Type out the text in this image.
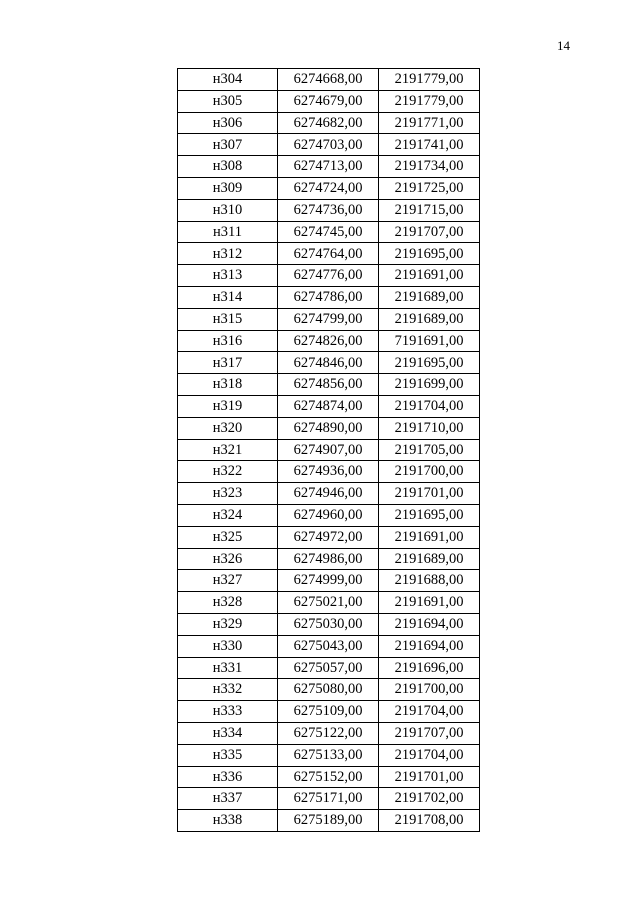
14
н304	6274668,00	2191779,00
н305	6274679,00	2191779,00
н306	6274682,00	2191771,00
н307	6274703,00	2191741,00
н308	6274713,00	2191734,00
н309	6274724,00	2191725,00
н310	6274736,00	2191715,00
н311	6274745,00	2191707,00
н312	6274764,00	2191695,00
н313	6274776,00	2191691,00
н314	6274786,00	2191689,00
н315	6274799,00	2191689,00
н316	6274826,00	7191691,00
н317	6274846,00	2191695,00
н318	6274856,00	2191699,00
н319	6274874,00	2191704,00
н320	6274890,00	2191710,00
н321	6274907,00	2191705,00
н322	6274936,00	2191700,00
н323	6274946,00	2191701,00
н324	6274960,00	2191695,00
н325	6274972,00	2191691,00
н326	6274986,00	2191689,00
н327	6274999,00	2191688,00
н328	6275021,00	2191691,00
н329	6275030,00	2191694,00
н330	6275043,00	2191694,00
н331	6275057,00	2191696,00
н332	6275080,00	2191700,00
н333	6275109,00	2191704,00
н334	6275122,00	2191707,00
н335	6275133,00	2191704,00
н336	6275152,00	2191701,00
н337	6275171,00	2191702,00
н338	6275189,00	2191708,00
